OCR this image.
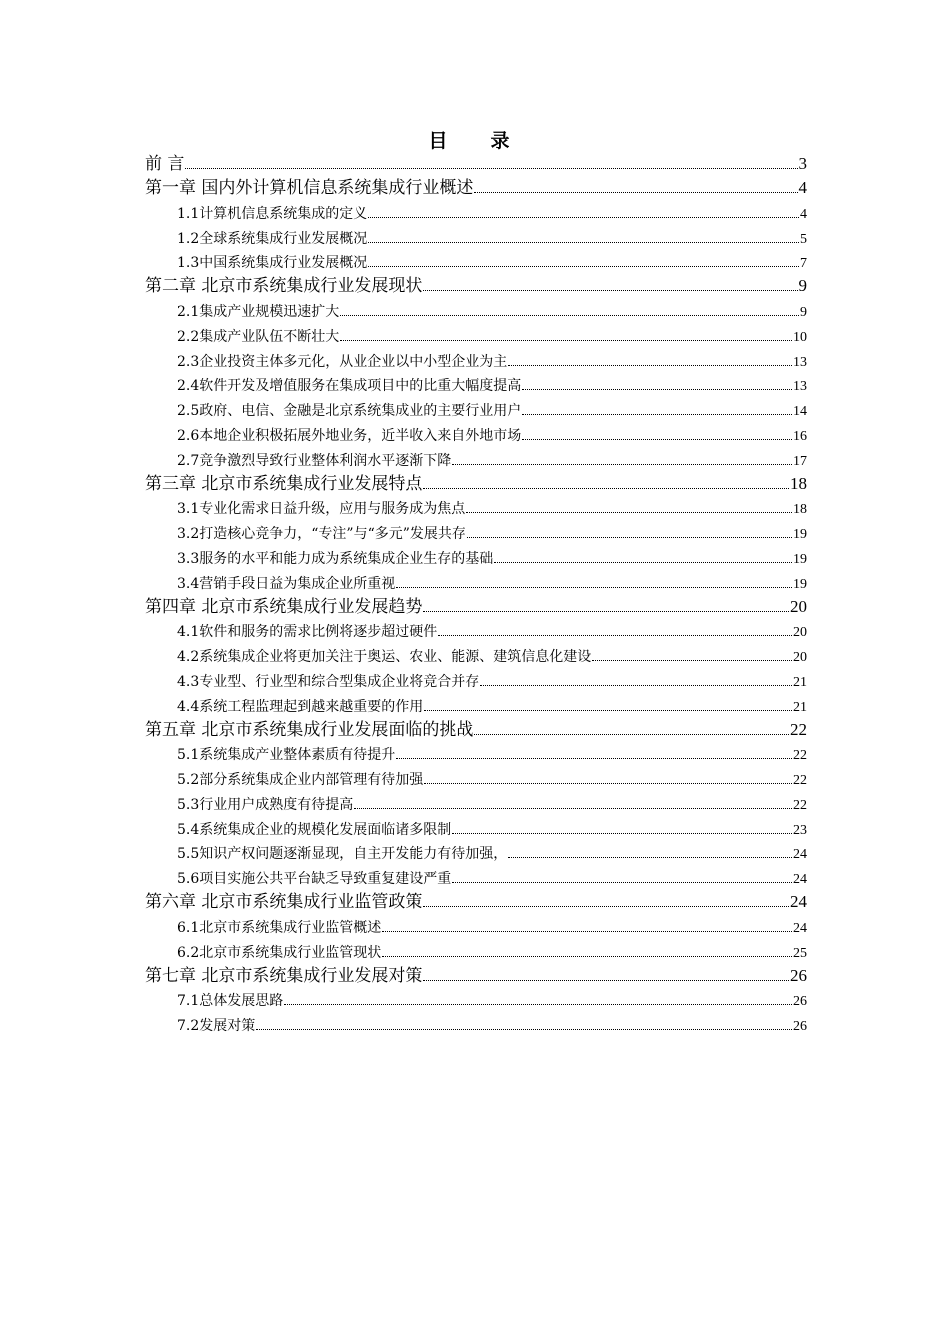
目　录
前 言	3
第一章 国内外计算机信息系统集成行业概述	4
1.1计算机信息系统集成的定义	4
1.2全球系统集成行业发展概况	5
1.3中国系统集成行业发展概况	7
第二章 北京市系统集成行业发展现状	9
2.1集成产业规模迅速扩大	9
2.2集成产业队伍不断壮大	10
2.3企业投资主体多元化，从业企业以中小型企业为主	13
2.4软件开发及增值服务在集成项目中的比重大幅度提高	13
2.5政府、电信、金融是北京系统集成业的主要行业用户	14
2.6本地企业积极拓展外地业务，近半收入来自外地市场	16
2.7竞争激烈导致行业整体利润水平逐渐下降	17
第三章 北京市系统集成行业发展特点	18
3.1专业化需求日益升级，应用与服务成为焦点	18
3.2打造核心竞争力，“专注”与“多元”发展共存	19
3.3服务的水平和能力成为系统集成企业生存的基础	19
3.4营销手段日益为集成企业所重视	19
第四章 北京市系统集成行业发展趋势	20
4.1软件和服务的需求比例将逐步超过硬件	20
4.2系统集成企业将更加关注于奥运、农业、能源、建筑信息化建设	20
4.3专业型、行业型和综合型集成企业将竞合并存	21
4.4系统工程监理起到越来越重要的作用	21
第五章 北京市系统集成行业发展面临的挑战	22
5.1系统集成产业整体素质有待提升	22
5.2部分系统集成企业内部管理有待加强	22
5.3行业用户成熟度有待提高	22
5.4系统集成企业的规模化发展面临诸多限制	23
5.5知识产权问题逐渐显现，自主开发能力有待加强，	24
5.6项目实施公共平台缺乏导致重复建设严重	24
第六章 北京市系统集成行业监管政策	24
6.1北京市系统集成行业监管概述	24
6.2北京市系统集成行业监管现状	25
第七章 北京市系统集成行业发展对策	26
7.1总体发展思路	26
7.2发展对策	26
